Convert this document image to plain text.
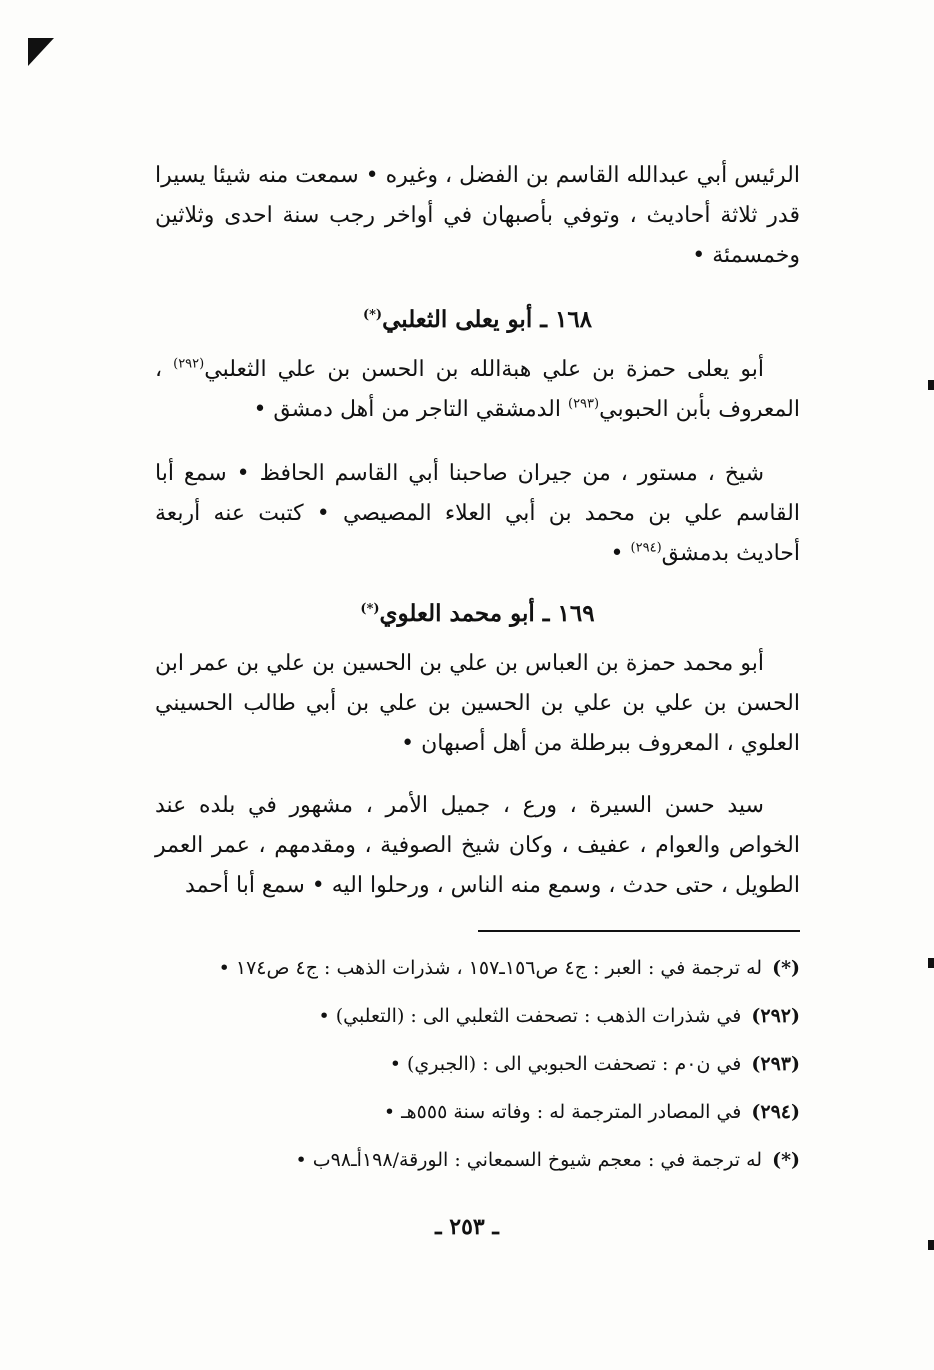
الرئيس أبي عبدالله القاسم بن الفضل ، وغيره • سمعت منه شيئا يسيرا قدر ثلاثة أحاديث ، وتوفي بأصبهان في أواخر رجب سنة احدى وثلاثين وخمسمئة •

١٦٨ ـ أبو يعلى الثعلبي(*)

أبو يعلى حمزة بن علي هبةالله بن الحسن بن علي الثعلبي$^{(٢٩٢)}$ ، المعروف بأبن الحبوبي$^{(٢٩٣)}$ الدمشقي التاجر من أهل دمشق •

شيخ ، مستور ، من جيران صاحبنا أبي القاسم الحافظ • سمع أبا القاسم علي بن محمد بن أبي العلاء المصيصي • كتبت عنه أربعة أحاديث بدمشق$^{(٢٩٤)}$ •

١٦٩ ـ أبو محمد العلوي(*)

أبو محمد حمزة بن العباس بن علي بن الحسين بن علي بن عمر ابن الحسن بن علي بن علي بن الحسين بن علي بن أبي طالب الحسيني العلوي ، المعروف ببرطلة من أهل أصبهان •

سيد حسن السيرة ، ورع ، جميل الأمر ، مشهور في بلده عند الخواص والعوام ، عفيف ، وكان شيخ الصوفية ، ومقدمهم ، عمر العمر الطويل ، حتى حدث ، وسمع منه الناس ، ورحلوا اليه • سمع أبا أحمد

(*)له ترجمة في : العبر : ج٤ ص١٥٦ـ١٥٧ ، شذرات الذهب : ج٤ ص١٧٤ •
(٢٩٢)في شذرات الذهب : تصحفت الثعلبي الى : (التعلبي) •
(٢٩٣)في ن٠م : تصحفت الحبوبي الى : (الجبري) •
(٢٩٤)في المصادر المترجمة له : وفاته سنة ٥٥٥هـ •
(*)له ترجمة في : معجم شيوخ السمعاني : الورقة/١٩٨أـ٩٨ب •
ـ ٢٥٣ ـ
